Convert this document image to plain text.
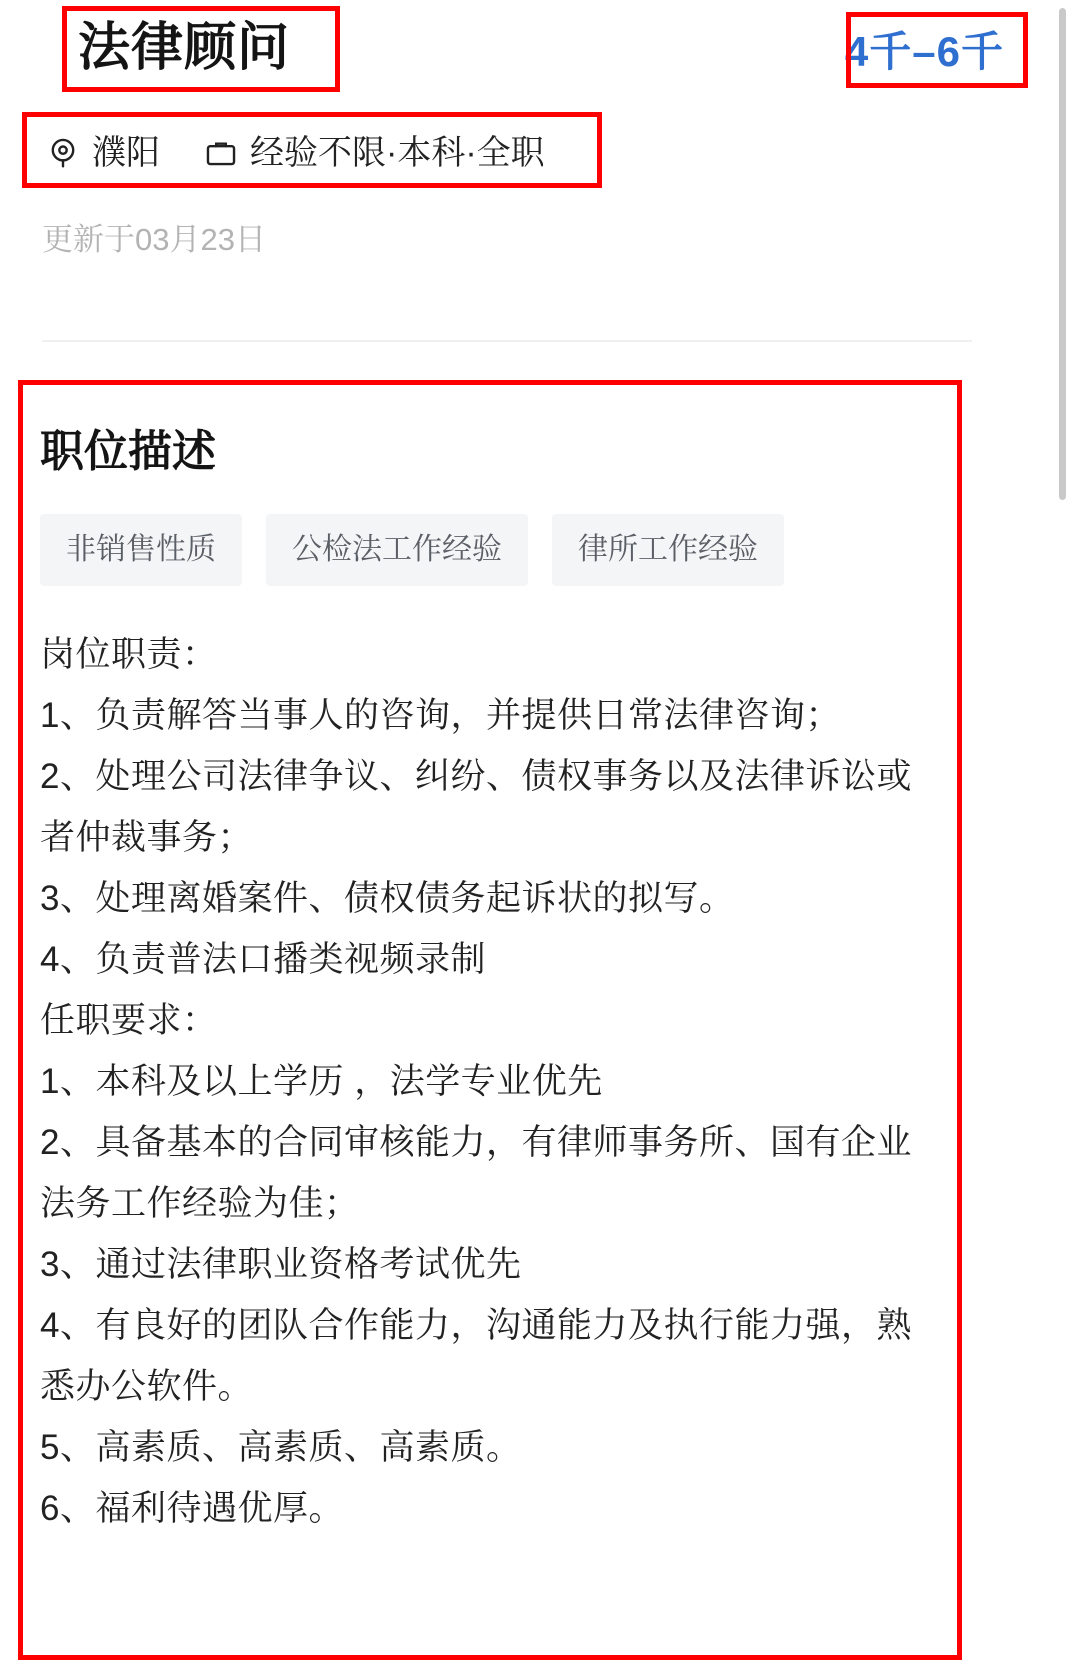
法律顾问	4千–6千
濮阳	经验不限·本科·全职
更新于03月23日
职位描述
非销售性质	公检法工作经验	律所工作经验

岗位职责：

1、负责解答当事人的咨询，并提供日常法律咨询；

2、处理公司法律争议、纠纷、债权事务以及法律诉讼或者仲裁事务；

3、处理离婚案件、债权债务起诉状的拟写。

4、负责普法口播类视频录制

任职要求：

1、本科及以上学历 ，法学专业优先

2、具备基本的合同审核能力，有律师事务所、国有企业法务工作经验为佳；

3、通过法律职业资格考试优先

4、有良好的团队合作能力，沟通能力及执行能力强，熟悉办公软件。

5、高素质、高素质、高素质。

6、福利待遇优厚。
